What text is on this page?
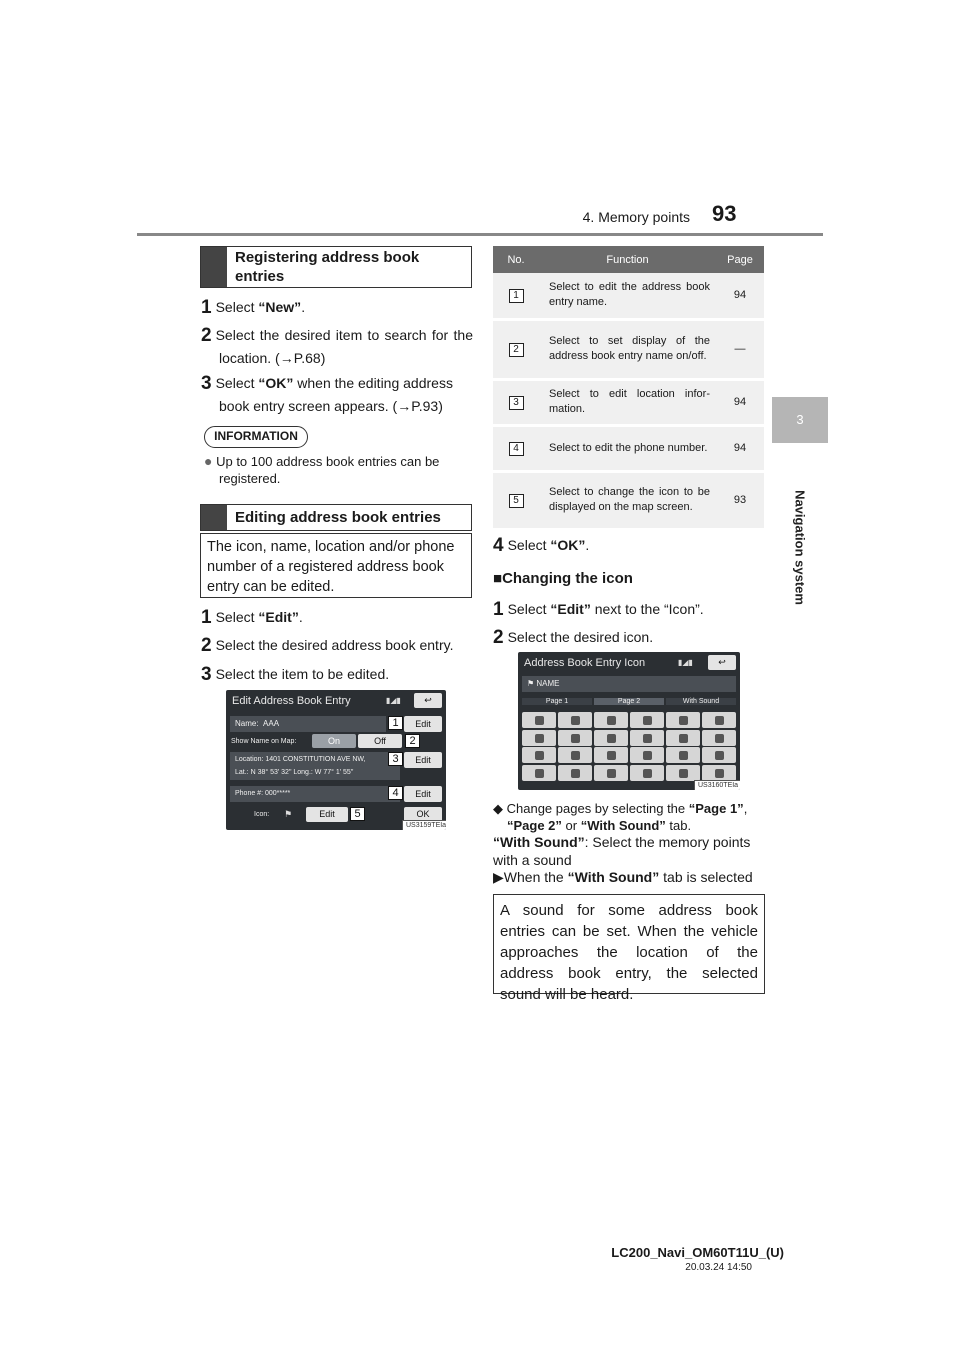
4. Memory points 93
3
Navigation system
Registering address book entries
1 Select “New”.
2 Select the desired item to search for the location. (→P.68)
3 Select “OK” when the editing address book entry screen appears. (→P.93)
INFORMATION
● Up to 100 address book entries can be registered.
Editing address book entries
The icon, name, location and/or phone number of a registered address book entry can be edited.
1 Select “Edit”.
2 Select the desired address book entry.
3 Select the item to be edited.
Edit Address Book Entry	▮◢▮	↩
Name: AAA	Edit
Show Name on Map:	On	Off
Location: 1401 CONSTITUTION AVE NW,
Lat.: N 38° 53' 32" Long.: W 77° 1' 55"
Edit
Phone #: 000*****	Edit
Icon: ⚑	Edit	OK
1
2
3
4
5
US3159TEIa
No.	Function	Page
1	Select to edit the address book entry name.	94
2	Select to set display of the address book entry name on/off.	—
3	Select to edit location infor-mation.	94
4	Select to edit the phone number.	94
5	Select to change the icon to be displayed on the map screen.	93
4 Select “OK”.
■Changing the icon
1 Select “Edit” next to the “Icon”.
2 Select the desired icon.
Address Book Entry Icon	▮◢▮	↩
⚑ NAME
Page 1	Page 2	With Sound
US3160TEIa
◆ Change pages by selecting the “Page 1”, “Page 2” or “With Sound” tab.
“With Sound”: Select the memory points with a sound
▶When the “With Sound” tab is selected
A sound for some address book entries can be set. When the vehicle approaches the location of the address book entry, the selected sound will be heard.
LC200_Navi_OM60T11U_(U)
20.03.24 14:50
